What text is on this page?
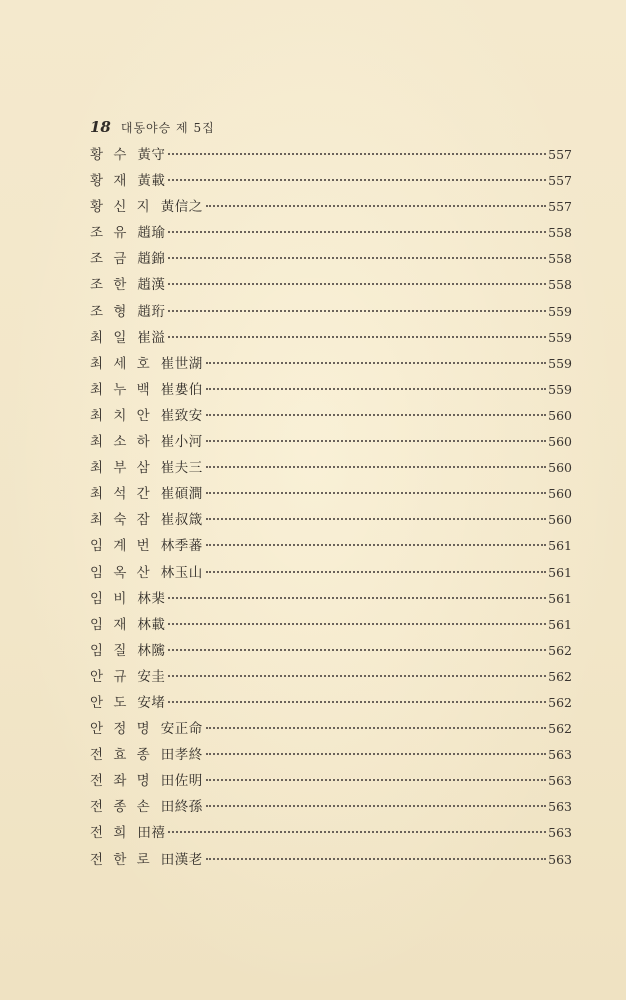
18 대동야승 제 5집
황 수 黃守	557
황 재 黃載	557
황 신 지 黃信之	557
조 유 趙瑜	558
조 금 趙錦	558
조 한 趙漢	558
조 형 趙珩	559
최 일 崔溢	559
최 세 호 崔世湖	559
최 누 백 崔婁伯	559
최 치 안 崔致安	560
최 소 하 崔小河	560
최 부 삼 崔夫三	560
최 석 간 崔碩澗	560
최 숙 잠 崔叔箴	560
임 계 번 林季蕃	561
임 옥 산 林玉山	561
임 비 林棐	561
임 재 林載	561
임 질 林隲	562
안 규 安圭	562
안 도 安堵	562
안 정 명 安正命	562
전 효 종 田孝終	563
전 좌 명 田佐明	563
전 종 손 田終孫	563
전 희 田禧	563
전 한 로 田漢老	563
